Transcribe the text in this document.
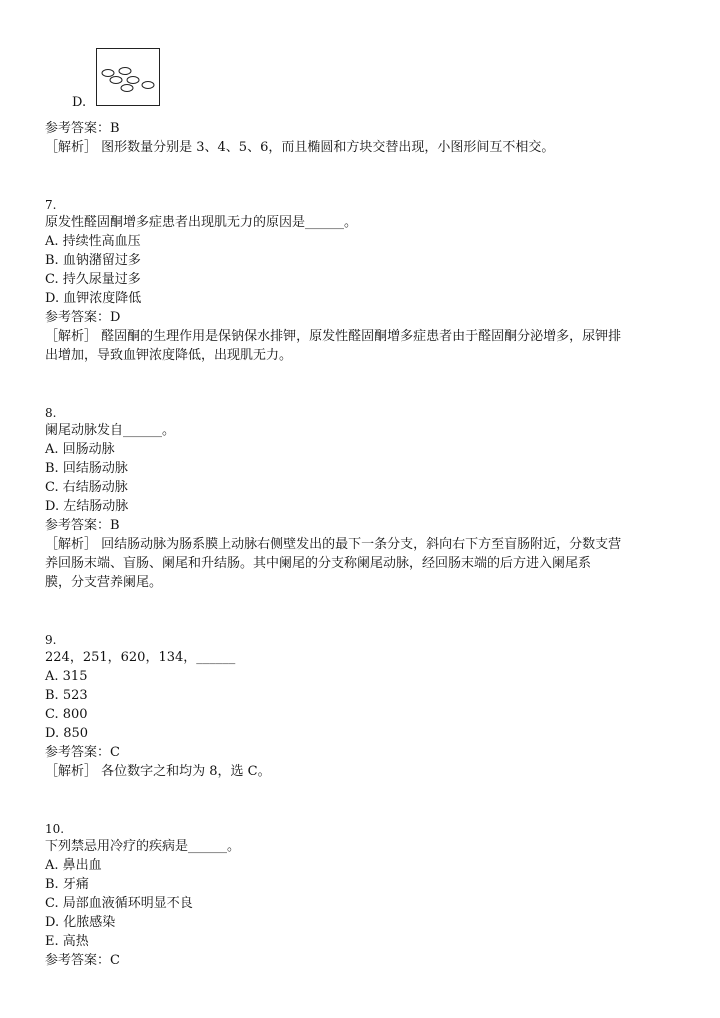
D.
参考答案：B
［解析］ 图形数量分别是 3、4、5、6，而且椭圆和方块交替出现，小图形间互不相交。
7.
原发性醛固酮增多症患者出现肌无力的原因是______。
A. 持续性高血压
B. 血钠潴留过多
C. 持久尿量过多
D. 血钾浓度降低
参考答案：D
［解析］ 醛固酮的生理作用是保钠保水排钾，原发性醛固酮增多症患者由于醛固酮分泌增多，尿钾排
出增加，导致血钾浓度降低，出现肌无力。
8.
阑尾动脉发自______。
A. 回肠动脉
B. 回结肠动脉
C. 右结肠动脉
D. 左结肠动脉
参考答案：B
［解析］ 回结肠动脉为肠系膜上动脉右侧壁发出的最下一条分支，斜向右下方至盲肠附近，分数支营
养回肠末端、盲肠、阑尾和升结肠。其中阑尾的分支称阑尾动脉，经回肠末端的后方进入阑尾系
膜，分支营养阑尾。
9.
224，251，620，134，______
A. 315
B. 523
C. 800
D. 850
参考答案：C
［解析］ 各位数字之和均为 8，选 C。
10.
下列禁忌用冷疗的疾病是______。
A. 鼻出血
B. 牙痛
C. 局部血液循环明显不良
D. 化脓感染
E. 高热
参考答案：C
